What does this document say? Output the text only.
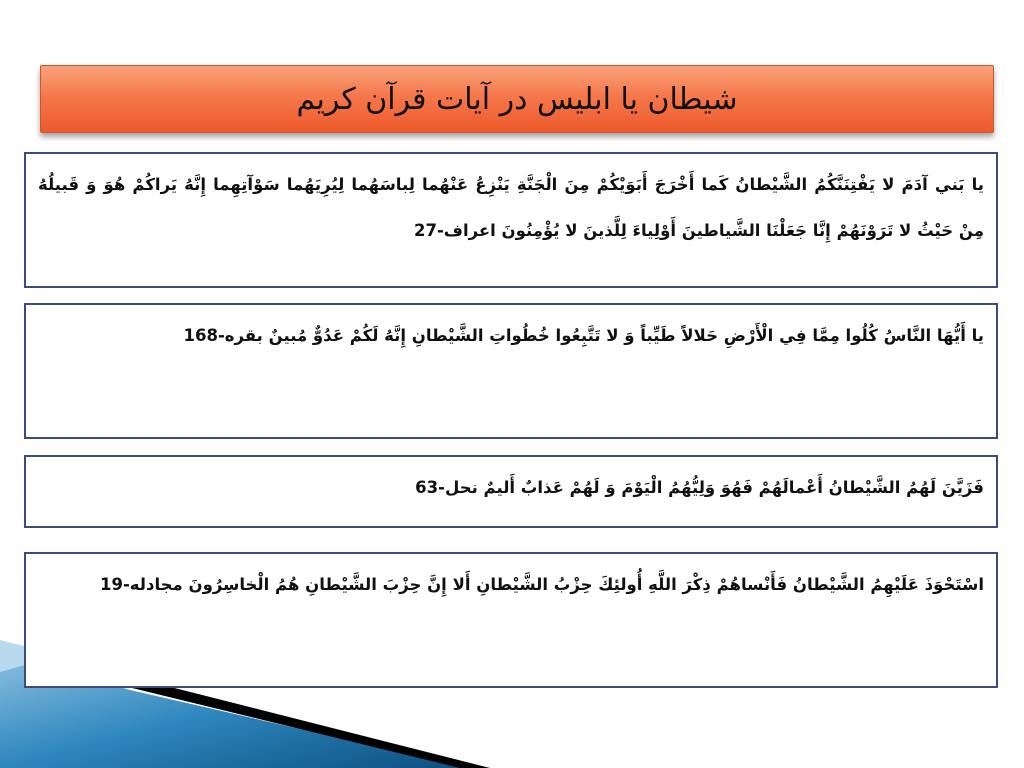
شیطان یا ابلیس در آیات قرآن کریم
يا بَني آدَمَ لا يَفْتِنَنَّكُمُ الشَّيْطانُ كَما أَخْرَجَ أَبَوَيْكُمْ مِنَ الْجَنَّةِ يَنْزِعُ عَنْهُما لِباسَهُما لِيُرِيَهُما سَوْآتِهِما إِنَّهُ يَراكُمْ هُوَ وَ قَبيلُهُ مِنْ حَيْثُ لا تَرَوْنَهُمْ إِنَّا جَعَلْنَا الشَّياطينَ أَوْلِياءَ لِلَّذينَ لا يُؤْمِنُونَ اعراف-27
يا أَيُّهَا النَّاسُ كُلُوا مِمَّا فِي الْأَرْضِ حَلالاً طَيِّباً وَ لا تَتَّبِعُوا خُطُواتِ الشَّيْطانِ إِنَّهُ لَكُمْ عَدُوٌّ مُبينٌ بقره-168
فَزَيَّنَ لَهُمُ الشَّيْطانُ أَعْمالَهُمْ فَهُوَ وَلِيُّهُمُ الْيَوْمَ وَ لَهُمْ عَذابٌ أَليمٌ نحل-63
اسْتَحْوَذَ عَلَيْهِمُ الشَّيْطانُ فَأَنْساهُمْ ذِكْرَ اللَّهِ أُولئِكَ حِزْبُ الشَّيْطانِ أَلا إِنَّ حِزْبَ الشَّيْطانِ هُمُ الْخاسِرُونَ مجادله-19
